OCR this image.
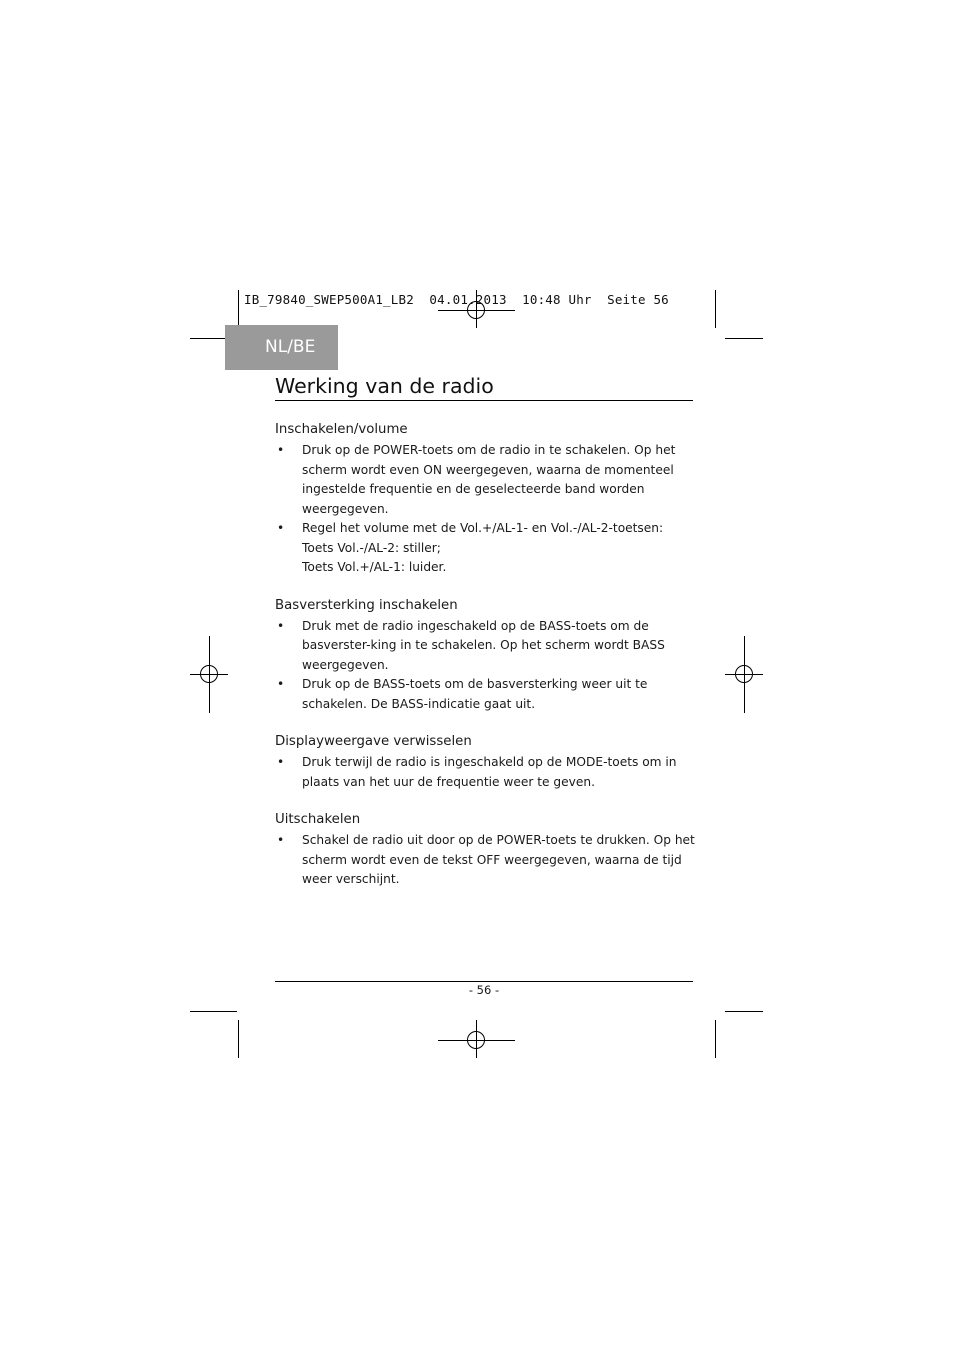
IB_79840_SWEP500A1_LB2  04.01.2013  10:48 Uhr  Seite 56
NL/BE
Werking van de radio
Inschakelen/volume
• Druk op de POWER-toets om de radio in te schakelen. Op het scherm wordt even ON weergegeven, waarna de momenteel ingestelde frequentie en de geselecteerde band worden weergegeven.
• Regel het volume met de Vol.+/AL-1- en Vol.-/AL-2-toetsen:
Toets Vol.-/AL-2: stiller;
Toets Vol.+/AL-1: luider.
Basversterking inschakelen
• Druk met de radio ingeschakeld op de BASS-toets om de basverster-king in te schakelen. Op het scherm wordt BASS weergegeven.
• Druk op de BASS-toets om de basversterking weer uit te schakelen. De BASS-indicatie gaat uit.
Displayweergave verwisselen
• Druk terwijl de radio is ingeschakeld op de MODE-toets om in plaats van het uur de frequentie weer te geven.
Uitschakelen
• Schakel de radio uit door op de POWER-toets te drukken. Op het scherm wordt even de tekst OFF weergegeven, waarna de tijd weer verschijnt.
- 56 -
